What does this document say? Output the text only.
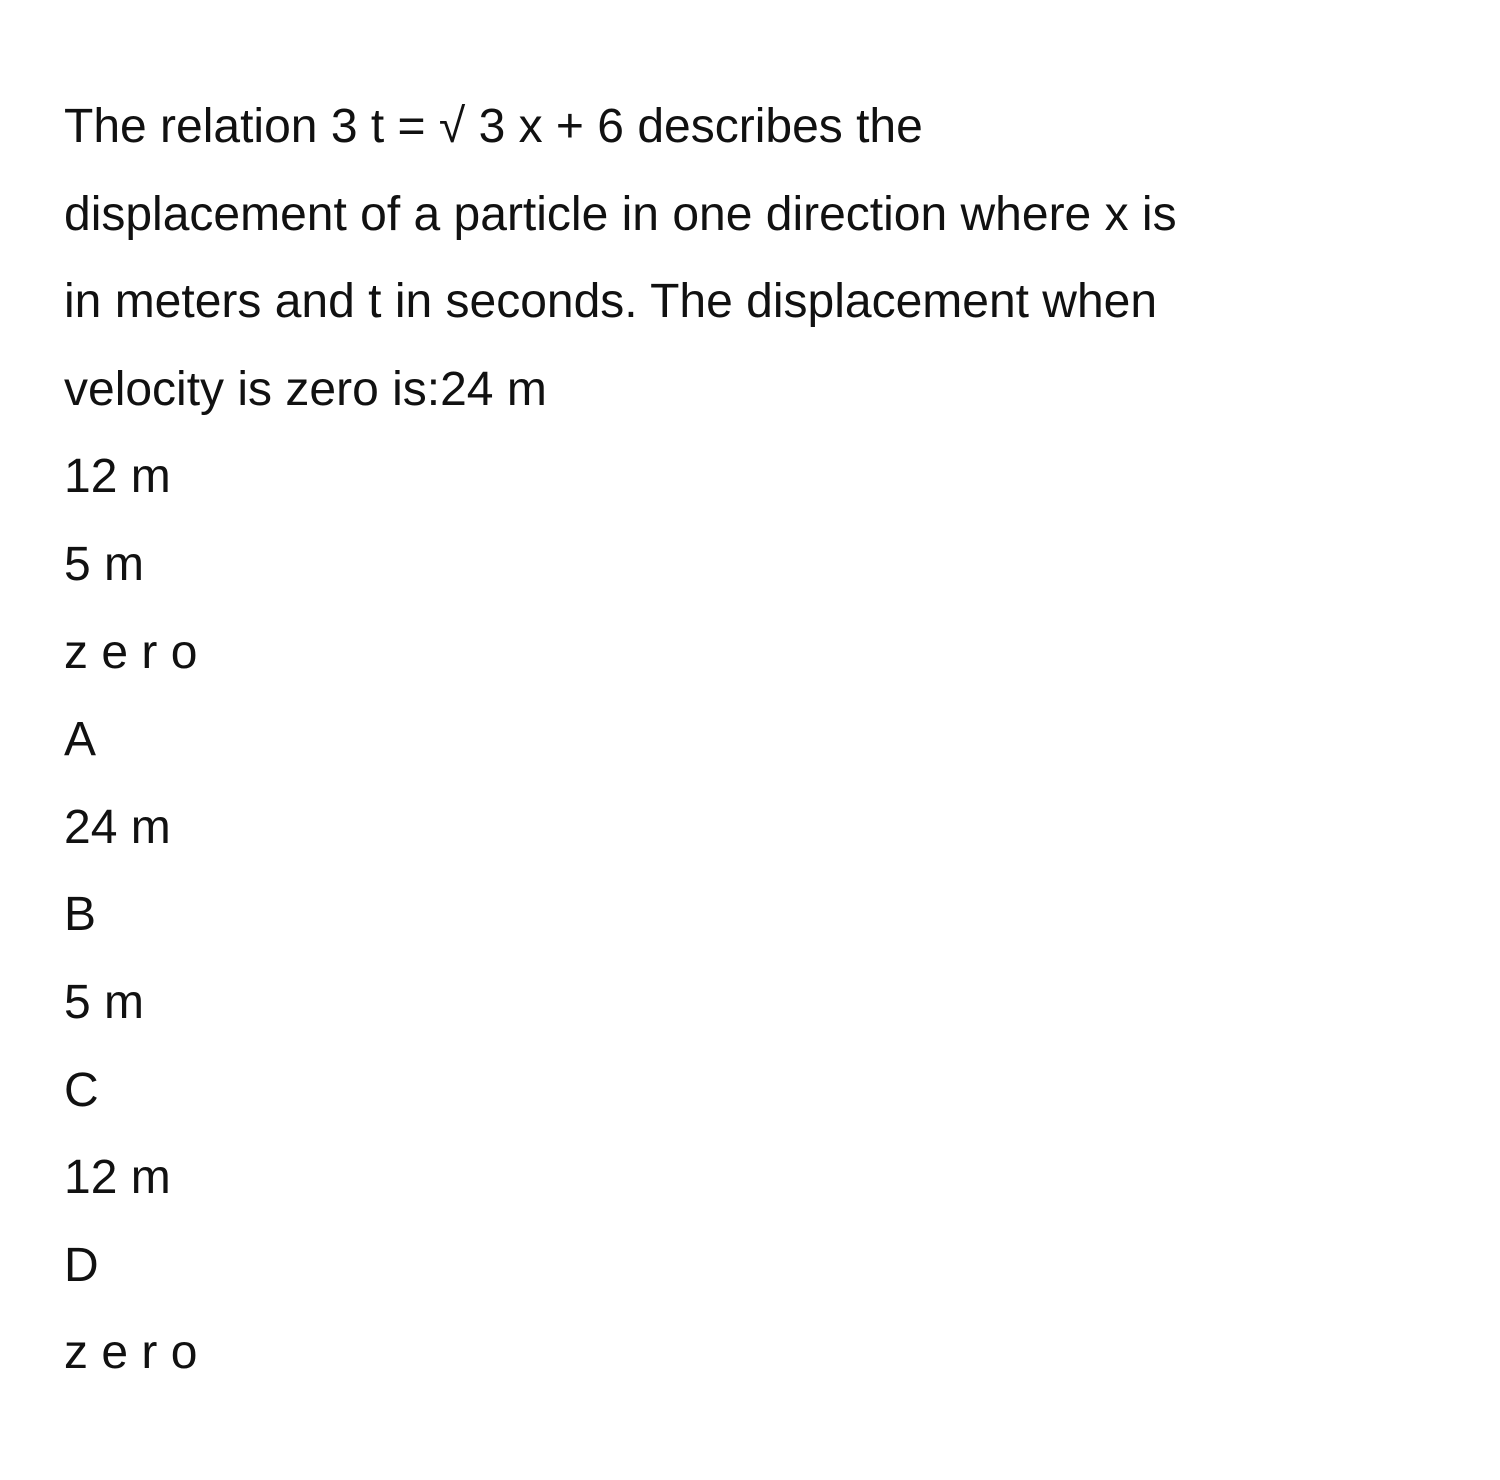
The relation 3 t = √ 3 x + 6 describes the
displacement of a particle in one direction where x is
in meters and t in seconds. The displacement when
velocity is zero is:24 m
12 m
5 m
z e r o
A
24 m
B
5 m
C
12 m
D
z e r o
